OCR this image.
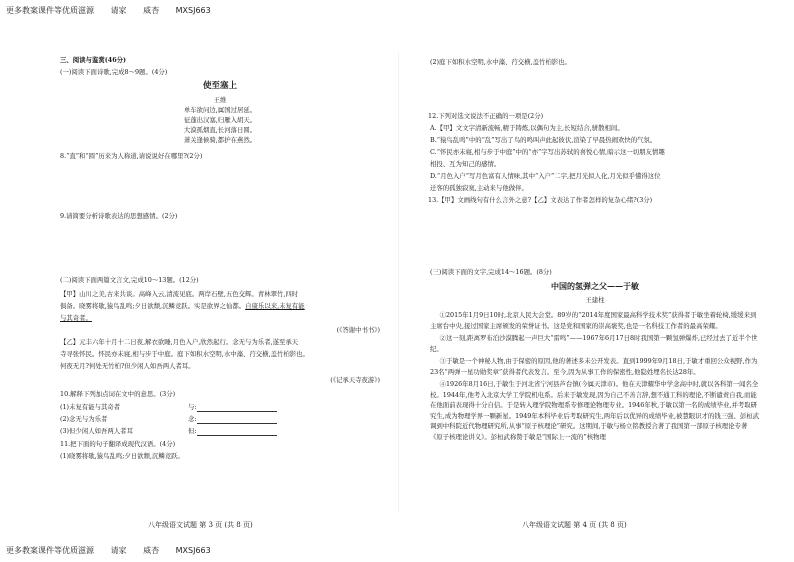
更多教案课件等优质滋源 请家 威杏 MXSJ663
三、阅读与鉴赏(46分)
(一)阅读下面诗歌,完成8～9题。(4分)
使至塞上
王维
单车欲问边,属国过居延。
征蓬出汉塞,归雁入胡天。
大漠孤烟直,长河落日圆。
萧关逢候骑,都护在燕然。
8.“直”和“圆”历来为人称道,请说说好在哪里?(2分)
9.请简要分析诗歌表达的思想感情。(2分)
(二)阅读下面两篇文言文,完成10～13题。(12分)
【甲】山川之美,古来共谈。高峰入云,清流见底。两岸石壁,五色交辉。青林翠竹,四时
俱备。晓雾将歇,猿鸟乱鸣;夕日欲颓,沉鳞竞跃。实是欲界之仙都。自康乐以来,未复有能
与其奇者。
(《答谢中书书》)
【乙】元丰六年十月十二日夜,解衣欲睡,月色入户,欣然起行。念无与为乐者,遂至承天
寺寻张怀民。怀民亦未寝,相与步于中庭。庭下如积水空明,水中藻、荇交横,盖竹柏影也。
何夜无月?何处无竹柏?但少闲人如吾两人者耳。
(《记承天寺夜游》)
10.解释下列加点词在文中的意思。(3分)
(1)未复有能与其奇者	与:
(2)念无与为乐者	念:
(3)但少闲人如吾两人者耳	但:
11.把下面的句子翻译成现代汉语。(4分)
(1)晓雾将歇,猿鸟乱鸣;夕日欲颓,沉鳞竞跃。
八年级语文试题 第 3 页 (共 8 页)
(2)庭下如积水空明,水中藻、荇交横,盖竹柏影也。
12.下列对选文说法不正确的一项是(2分)
A.【甲】文文字清新流畅,精于铸炼,以偶句为主,长短结合,骈散相间。
B.“猿鸟乱鸣”中的“乱”写出了鸟的鸣叫声此起彼伏,渲染了早晨热闹欢快的气氛。
C.“怀民亦未寝,相与步于中庭”中的“亦”字写出苏轼的喜悦心情,暗示这一切朋友情趣
相投、互为知己的感情。
D.“月色入户”写月色富有人情味,其中“入户”二字,把月光拟人化,月光似乎懂得这位
迁客的孤独寂寞,主动来与他做伴。
13.【甲】文画线句有什么言外之意?【乙】文表达了作者怎样的复杂心绪?(3分)
(三)阅读下面的文字,完成14～16题。(8分)
中国的氢弹之父——于敏
王建柱

①2015年1月9日10时,北京人民大会堂。89岁的“2014年度国家最高科学技术奖”获得者于敏坐着轮椅,缓缓来到主席台中央,接过国家主席颁发的荣誉证书。这是党和国家的崇高褒奖,也是一名科技工作者的最高荣耀。

②这一刻,距离罗布泊沙漠腾起一声巨大“雷鸣”——1967年6月17日8时我国第一颗氢弹爆炸,已经过去了近半个世纪。

③于敏是一个神秘人物,由于保密的原因,他的著述多未公开发表。直到1999年9月18日,于敏才重回公众视野,作为23名“两弹一星功勋奖章”获得者代表发言。至今,因为从事工作的保密性,他隐姓埋名长达28年。

④1926年8月16日,于敏生于河北省宁河县芦台镇(今属天津市)。他在天津耀华中学念高中时,就以各科第一闻名全校。1944年,他考入北京大学工学院机电系。后来于敏发现,因为自己不善言辞,想不通工科的理论,不断谴责自我,而能在他面前表现得十分自信。于是转入理学院物理系专修理论物理专业。1946年秋,于敏以第一名的成绩毕业,并考取研究生,成为物理学界一颗新星。1949年本科毕业后考取研究生,两年后以优异的成绩毕业,被慧眼识才的钱三强、彭桓武调到中科院近代物理研究所,从事“原子核理论”研究。这期间,于敏与杨立铭教授合著了我国第一部原子核理论专著《原子核理论讲义》。彭桓武称赞于敏是“国际上一流的”核物理

八年级语文试题 第 4 页 (共 8 页)
更多教案课件等优质滋源 请家 威杏 MXSJ663
